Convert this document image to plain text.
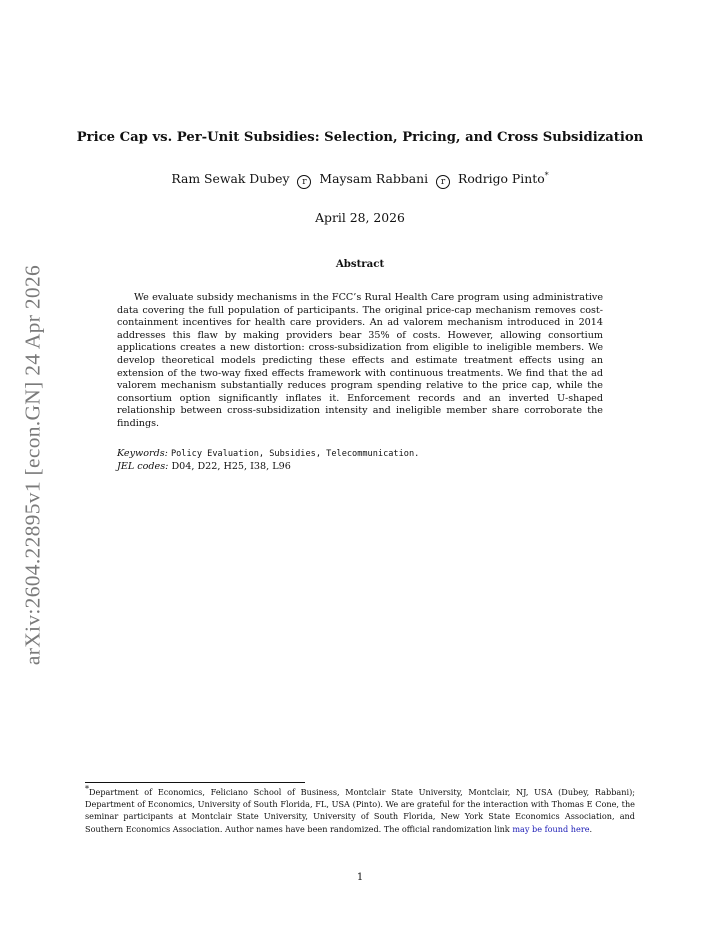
arXiv:2604.22895v1 [econ.GN] 24 Apr 2026
Price Cap vs. Per-Unit Subsidies: Selection, Pricing, and Cross Subsidization
Ram Sewak Dubey r Maysam Rabbani r Rodrigo Pinto*
April 28, 2026
Abstract

We evaluate subsidy mechanisms in the FCC’s Rural Health Care program using administrative data covering the full population of participants. The original price-cap mechanism removes cost-containment incentives for health care providers. An ad valorem mechanism introduced in 2014 addresses this flaw by making providers bear 35% of costs. However, allowing consortium applications creates a new distortion: cross-subsidization from eligible to ineligible members. We develop theoretical models predicting these effects and estimate treatment effects using an extension of the two-way fixed effects framework with continuous treatments. We find that the ad valorem mechanism substantially reduces program spending relative to the price cap, while the consortium option significantly inflates it. Enforcement records and an inverted U-shaped relationship between cross-subsidization intensity and ineligible member share corroborate the findings.

Keywords: Policy Evaluation, Subsidies, Telecommunication.
JEL codes: D04, D22, H25, I38, L96

*Department of Economics, Feliciano School of Business, Montclair State University, Montclair, NJ, USA (Dubey, Rabbani); Department of Economics, University of South Florida, FL, USA (Pinto). We are grateful for the interaction with Thomas E Cone, the seminar participants at Montclair State University, University of South Florida, New York State Economics Association, and Southern Economics Association. Author names have been randomized. The official randomization link may be found here.

1
